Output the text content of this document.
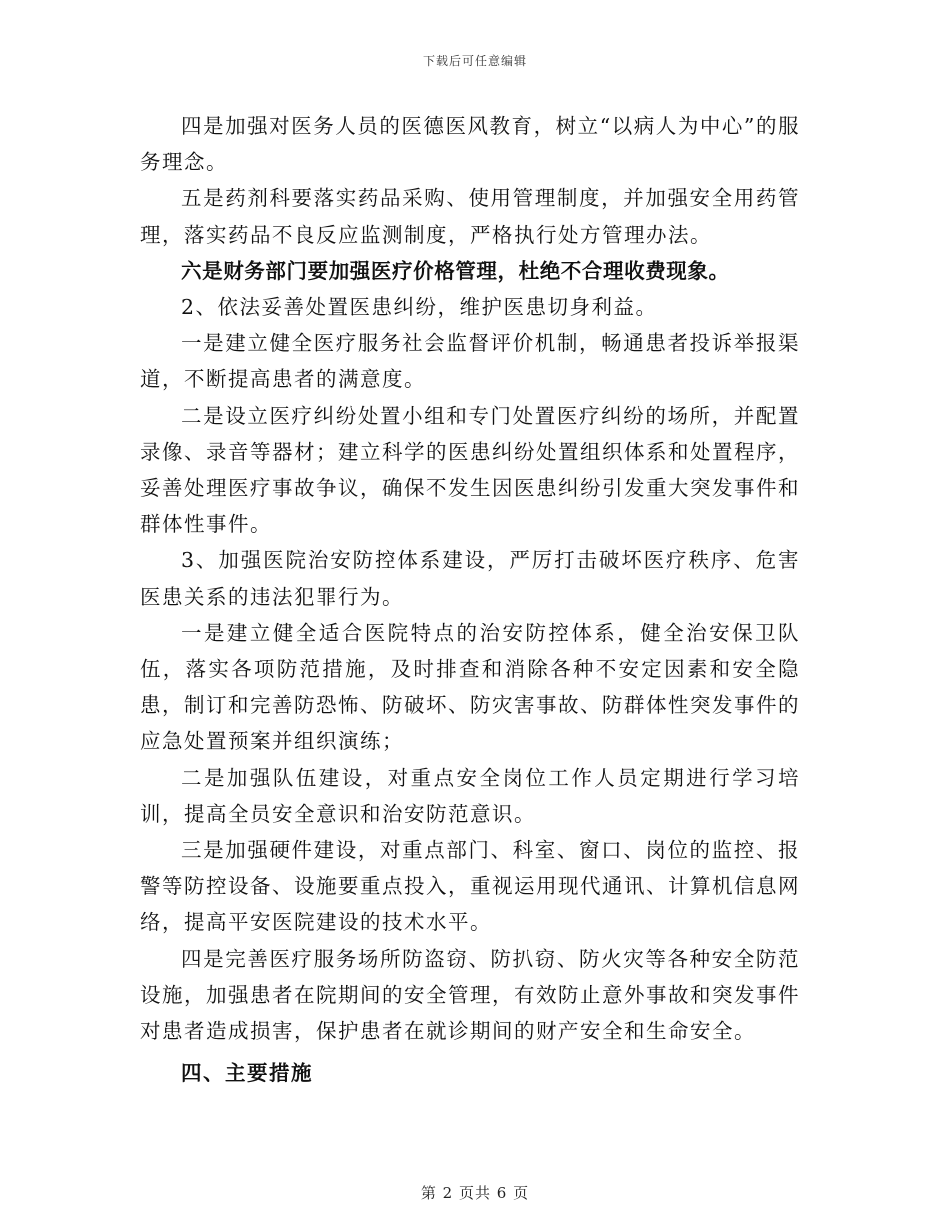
下载后可任意编辑

四是加强对医务人员的医德医风教育，树立“以病人为中心”的服务理念。

五是药剂科要落实药品采购、使用管理制度，并加强安全用药管理，落实药品不良反应监测制度，严格执行处方管理办法。

六是财务部门要加强医疗价格管理，杜绝不合理收费现象。

2、依法妥善处置医患纠纷，维护医患切身利益。

一是建立健全医疗服务社会监督评价机制，畅通患者投诉举报渠道，不断提高患者的满意度。

二是设立医疗纠纷处置小组和专门处置医疗纠纷的场所，并配置录像、录音等器材；建立科学的医患纠纷处置组织体系和处置程序，妥善处理医疗事故争议，确保不发生因医患纠纷引发重大突发事件和群体性事件。

3、加强医院治安防控体系建设，严厉打击破坏医疗秩序、危害医患关系的违法犯罪行为。

一是建立健全适合医院特点的治安防控体系，健全治安保卫队伍，落实各项防范措施，及时排查和消除各种不安定因素和安全隐患，制订和完善防恐怖、防破坏、防灾害事故、防群体性突发事件的应急处置预案并组织演练；

二是加强队伍建设，对重点安全岗位工作人员定期进行学习培训，提高全员安全意识和治安防范意识。

三是加强硬件建设，对重点部门、科室、窗口、岗位的监控、报警等防控设备、设施要重点投入，重视运用现代通讯、计算机信息网络，提高平安医院建设的技术水平。

四是完善医疗服务场所防盗窃、防扒窃、防火灾等各种安全防范设施，加强患者在院期间的安全管理，有效防止意外事故和突发事件对患者造成损害，保护患者在就诊期间的财产安全和生命安全。

四、主要措施

第 2 页共 6 页
